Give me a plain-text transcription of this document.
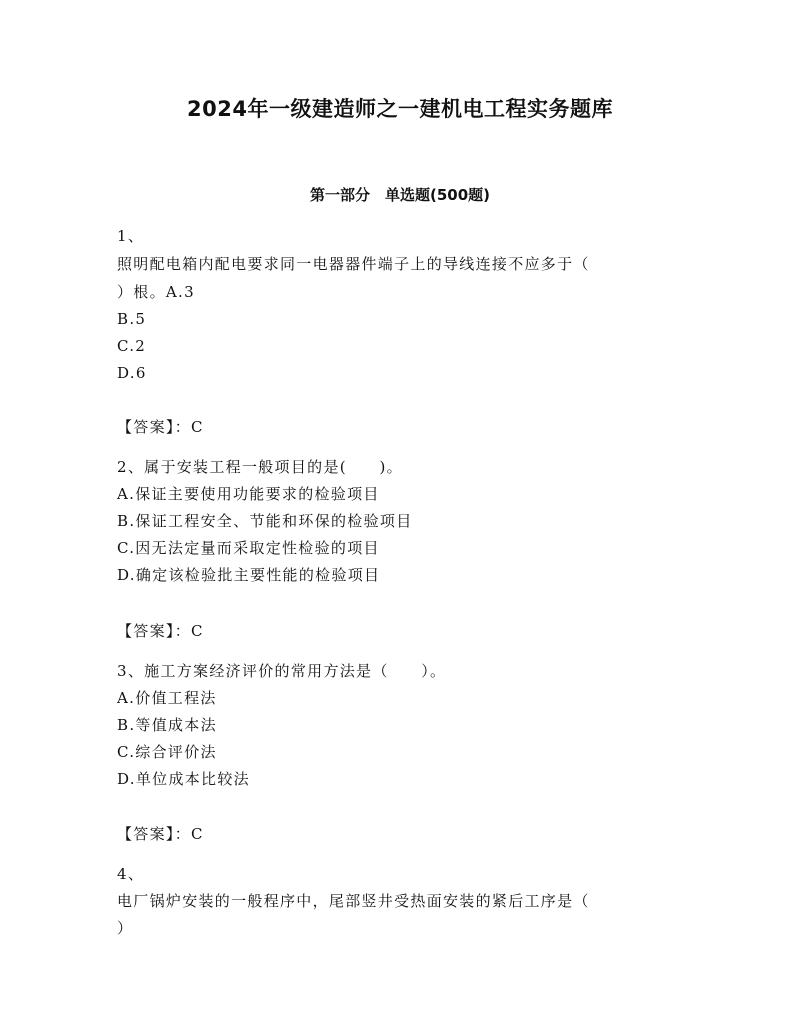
2024年一级建造师之一建机电工程实务题库
第一部分　单选题(500题)
1、
照明配电箱内配电要求同一电器器件端子上的导线连接不应多于（
）根。A.3
B.5
C.2
D.6
【答案】：C
2、属于安装工程一般项目的是(　　)。
A.保证主要使用功能要求的检验项目
B.保证工程安全、节能和环保的检验项目
C.因无法定量而采取定性检验的项目
D.确定该检验批主要性能的检验项目
【答案】：C
3、施工方案经济评价的常用方法是（　　）。
A.价值工程法
B.等值成本法
C.综合评价法
D.单位成本比较法
【答案】：C
4、
电厂锅炉安装的一般程序中，尾部竖井受热面安装的紧后工序是（
）
